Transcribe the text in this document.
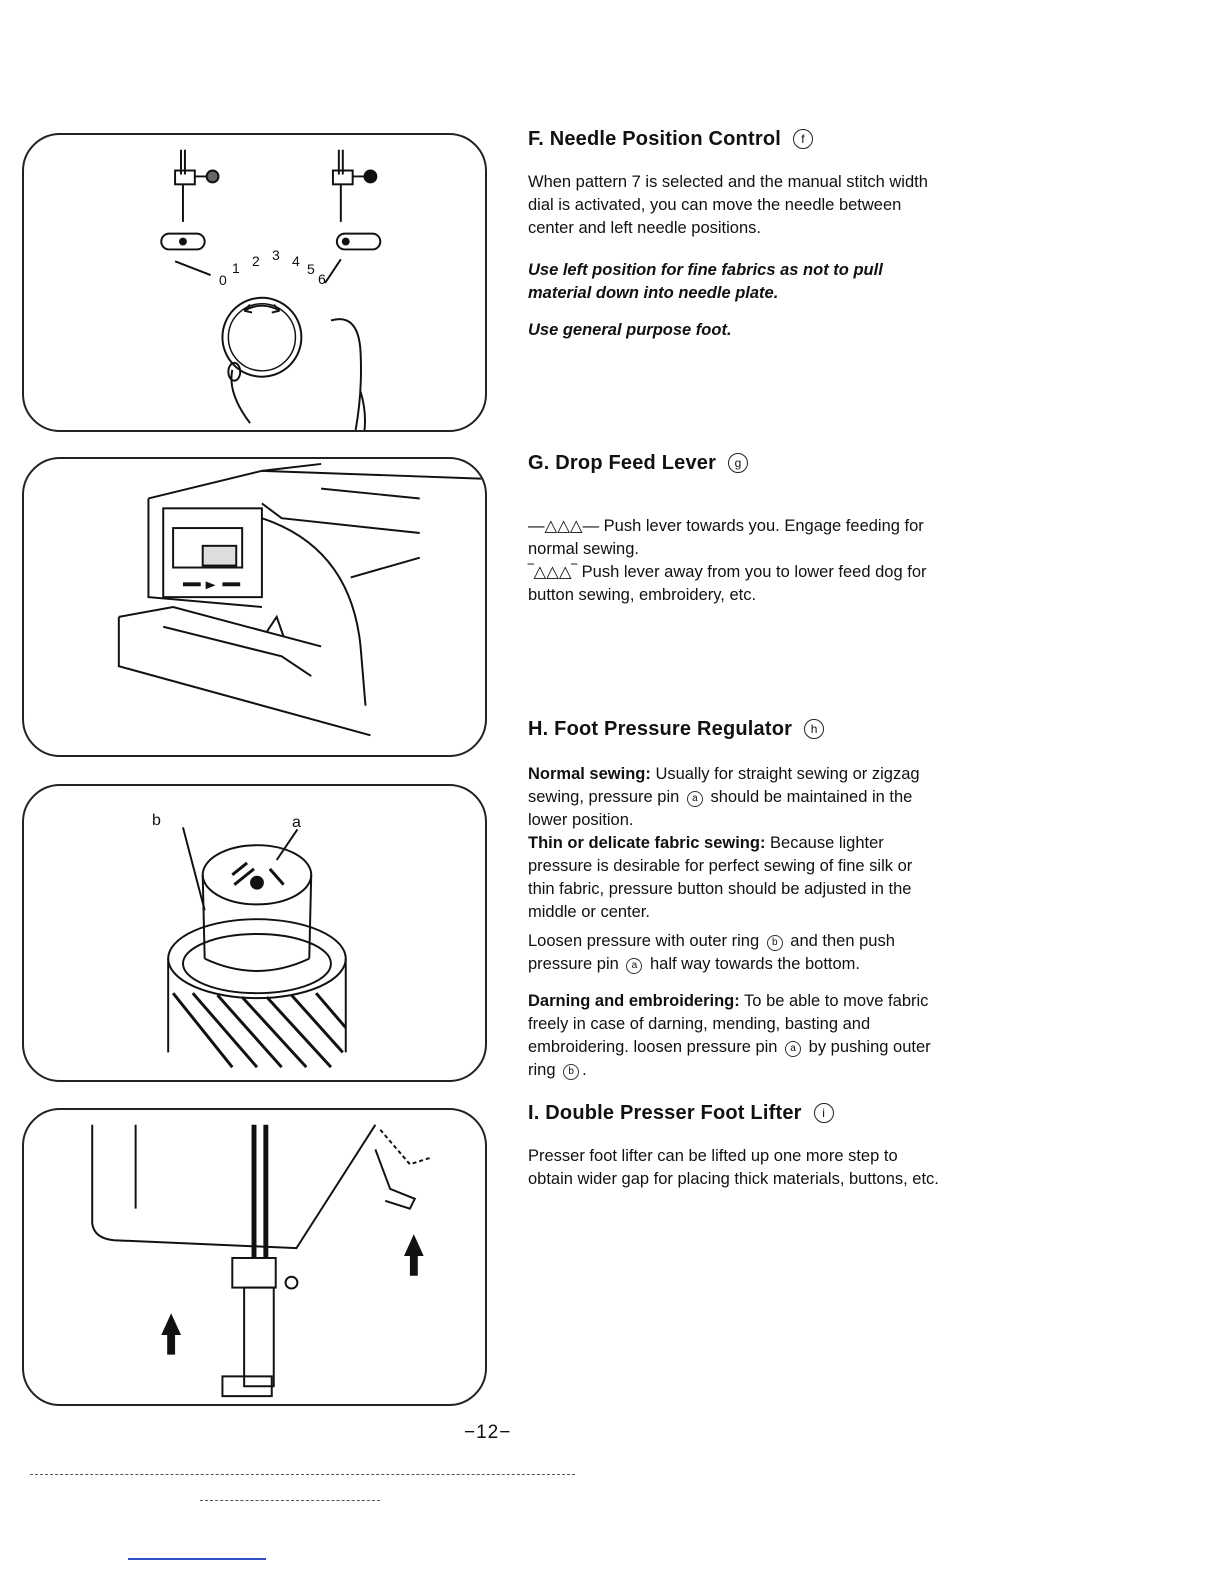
0
1 2 3 4 5
6
b	a
F. Needle Position Control f

When pattern 7 is selected and the manual stitch width dial is activated, you can move the needle between center and left needle positions.

Use left position for fine fabrics as not to pull material down into needle plate.

Use general purpose foot.

G. Drop Feed Lever g

—△△△— Push lever towards you. Engage feeding for normal sewing.

‾△△△‾ Push lever away from you to lower feed dog for button sewing, embroidery, etc.

H. Foot Pressure Regulator h

Normal sewing: Usually for straight sewing or zigzag sewing, pressure pin a should be maintained in the lower position.

Thin or delicate fabric sewing: Because lighter pressure is desirable for perfect sewing of fine silk or thin fabric, pressure button should be adjusted in the middle or center.

Loosen pressure with outer ring b and then push pressure pin a half way towards the bottom.

Darning and embroidering: To be able to move fabric freely in case of darning, mending, basting and embroidering. loosen pressure pin a by pushing outer ring b .

I. Double Presser Foot Lifter i

Presser foot lifter can be lifted up one more step to obtain wider gap for placing thick materials, buttons, etc.

−12−
